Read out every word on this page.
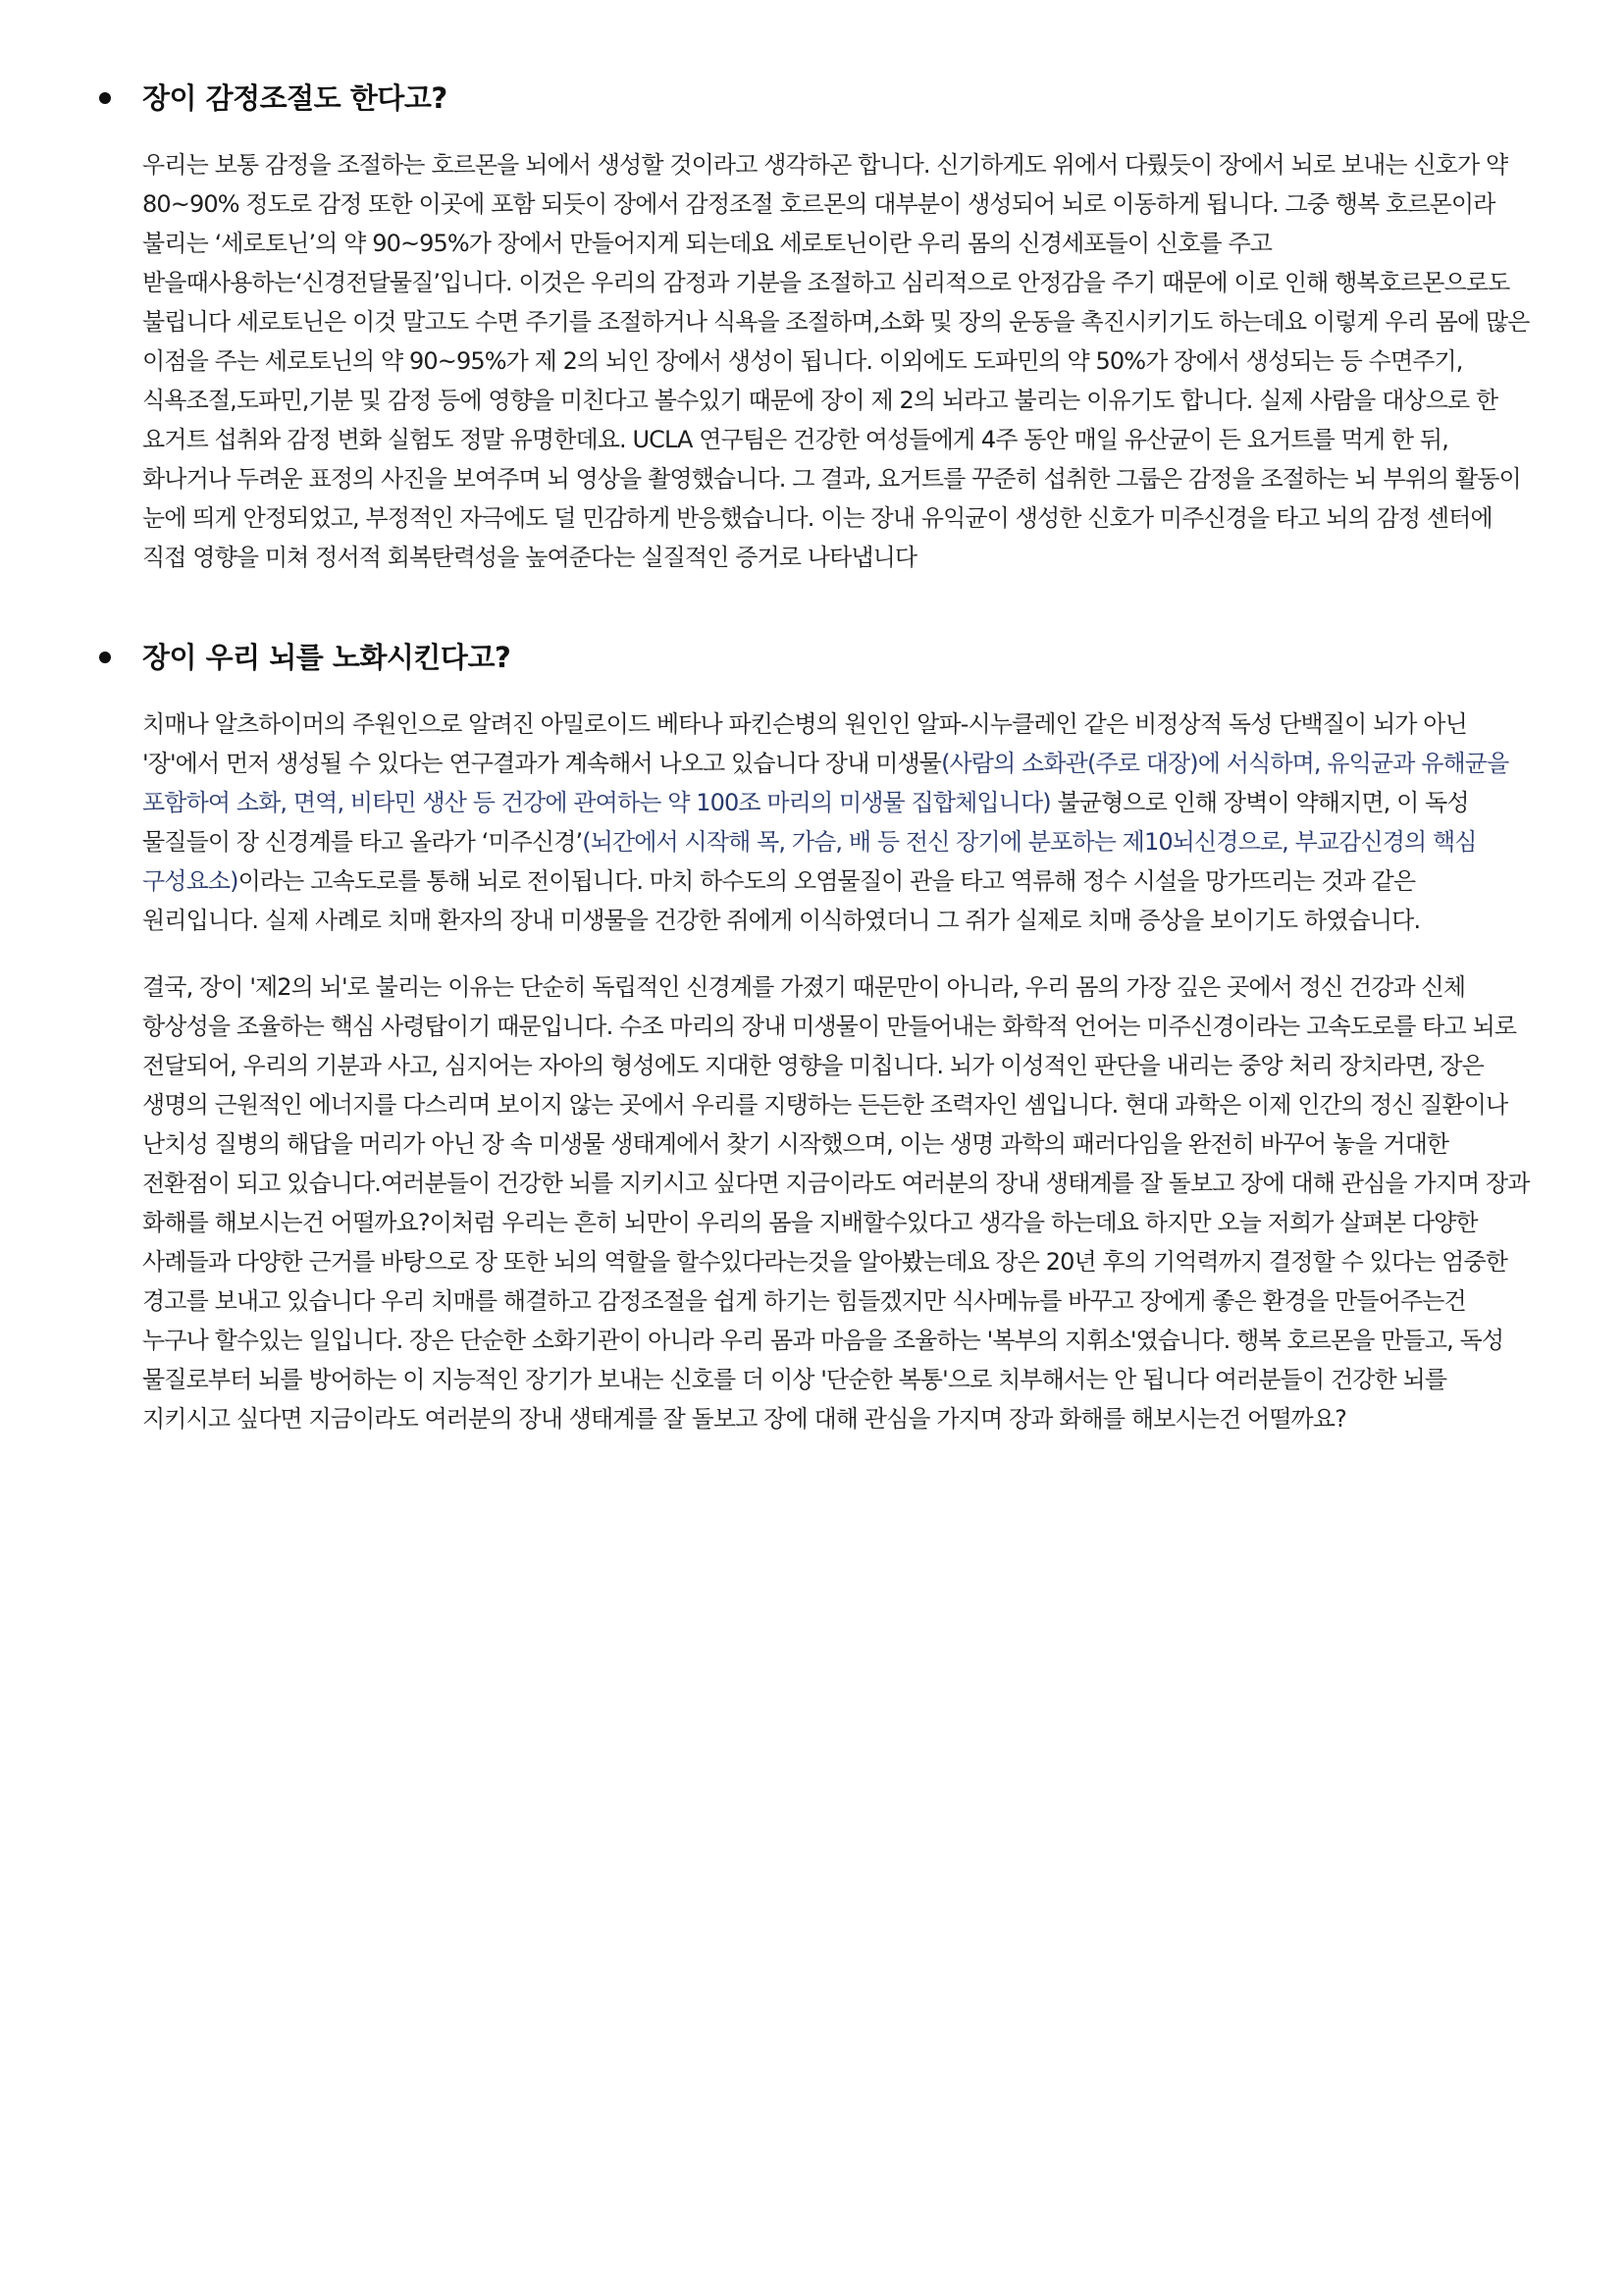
장이 감정조절도 한다고?

우리는 보통 감정을 조절하는 호르몬을 뇌에서 생성할 것이라고 생각하곤 합니다. 신기하게도 위에서 다뤘듯이 장에서 뇌로 보내는 신호가 약 80~90% 정도로 감정 또한 이곳에 포함 되듯이 장에서 감정조절 호르몬의 대부분이 생성되어 뇌로 이동하게 됩니다. 그중 행복 호르몬이라 불리는 ‘세로토닌’의 약 90~95%가 장에서 만들어지게 되는데요 세로토닌이란 우리 몸의 신경세포들이 신호를 주고 받을때사용하는‘신경전달물질’입니다. 이것은 우리의 감정과 기분을 조절하고 심리적으로 안정감을 주기 때문에 이로 인해 행복호르몬으로도 불립니다 세로토닌은 이것 말고도 수면 주기를 조절하거나 식욕을 조절하며,소화 및 장의 운동을 촉진시키기도 하는데요 이렇게 우리 몸에 많은 이점을 주는 세로토닌의 약 90~95%가 제 2의 뇌인 장에서 생성이 됩니다. 이외에도 도파민의 약 50%가 장에서 생성되는 등 수면주기,식욕조절,도파민,기분 및 감정 등에 영향을 미친다고 볼수있기 때문에 장이 제 2의 뇌라고 불리는 이유기도 합니다. 실제 사람을 대상으로 한 요거트 섭취와 감정 변화 실험도 정말 유명한데요. UCLA 연구팀은 건강한 여성들에게 4주 동안 매일 유산균이 든 요거트를 먹게 한 뒤, 화나거나 두려운 표정의 사진을 보여주며 뇌 영상을 촬영했습니다. 그 결과, 요거트를 꾸준히 섭취한 그룹은 감정을 조절하는 뇌 부위의 활동이 눈에 띄게 안정되었고, 부정적인 자극에도 덜 민감하게 반응했습니다. 이는 장내 유익균이 생성한 신호가 미주신경을 타고 뇌의 감정 센터에 직접 영향을 미쳐 정서적 회복탄력성을 높여준다는 실질적인 증거로 나타냅니다

장이 우리 뇌를 노화시킨다고?

치매나 알츠하이머의 주원인으로 알려진 아밀로이드 베타나 파킨슨병의 원인인 알파-시누클레인 같은 비정상적 독성 단백질이 뇌가 아닌 '장'에서 먼저 생성될 수 있다는 연구결과가 계속해서 나오고 있습니다 장내 미생물(사람의 소화관(주로 대장)에 서식하며, 유익균과 유해균을 포함하여 소화, 면역, 비타민 생산 등 건강에 관여하는 약 100조 마리의 미생물 집합체입니다) 불균형으로 인해 장벽이 약해지면, 이 독성 물질들이 장 신경계를 타고 올라가 ‘미주신경’(뇌간에서 시작해 목, 가슴, 배 등 전신 장기에 분포하는 제10뇌신경으로, 부교감신경의 핵심 구성요소)이라는 고속도로를 통해 뇌로 전이됩니다. 마치 하수도의 오염물질이 관을 타고 역류해 정수 시설을 망가뜨리는 것과 같은 원리입니다. 실제 사례로 치매 환자의 장내 미생물을 건강한 쥐에게 이식하였더니 그 쥐가 실제로 치매 증상을 보이기도 하였습니다.

결국, 장이 '제2의 뇌'로 불리는 이유는 단순히 독립적인 신경계를 가졌기 때문만이 아니라, 우리 몸의 가장 깊은 곳에서 정신 건강과 신체 항상성을 조율하는 핵심 사령탑이기 때문입니다. 수조 마리의 장내 미생물이 만들어내는 화학적 언어는 미주신경이라는 고속도로를 타고 뇌로 전달되어, 우리의 기분과 사고, 심지어는 자아의 형성에도 지대한 영향을 미칩니다. 뇌가 이성적인 판단을 내리는 중앙 처리 장치라면, 장은 생명의 근원적인 에너지를 다스리며 보이지 않는 곳에서 우리를 지탱하는 든든한 조력자인 셈입니다. 현대 과학은 이제 인간의 정신 질환이나 난치성 질병의 해답을 머리가 아닌 장 속 미생물 생태계에서 찾기 시작했으며, 이는 생명 과학의 패러다임을 완전히 바꾸어 놓을 거대한 전환점이 되고 있습니다.여러분들이 건강한 뇌를 지키시고 싶다면 지금이라도 여러분의 장내 생태계를 잘 돌보고 장에 대해 관심을 가지며 장과 화해를 해보시는건 어떨까요?이처럼 우리는 흔히 뇌만이 우리의 몸을 지배할수있다고 생각을 하는데요 하지만 오늘 저희가 살펴본 다양한 사례들과 다양한 근거를 바탕으로 장 또한 뇌의 역할을 할수있다라는것을 알아봤는데요 장은 20년 후의 기억력까지 결정할 수 있다는 엄중한 경고를 보내고 있습니다 우리 치매를 해결하고 감정조절을 쉽게 하기는 힘들겠지만 식사메뉴를 바꾸고 장에게 좋은 환경을 만들어주는건 누구나 할수있는 일입니다. 장은 단순한 소화기관이 아니라 우리 몸과 마음을 조율하는 '복부의 지휘소'였습니다. 행복 호르몬을 만들고, 독성 물질로부터 뇌를 방어하는 이 지능적인 장기가 보내는 신호를 더 이상 '단순한 복통'으로 치부해서는 안 됩니다 여러분들이 건강한 뇌를 지키시고 싶다면 지금이라도 여러분의 장내 생태계를 잘 돌보고 장에 대해 관심을 가지며 장과 화해를 해보시는건 어떨까요?
